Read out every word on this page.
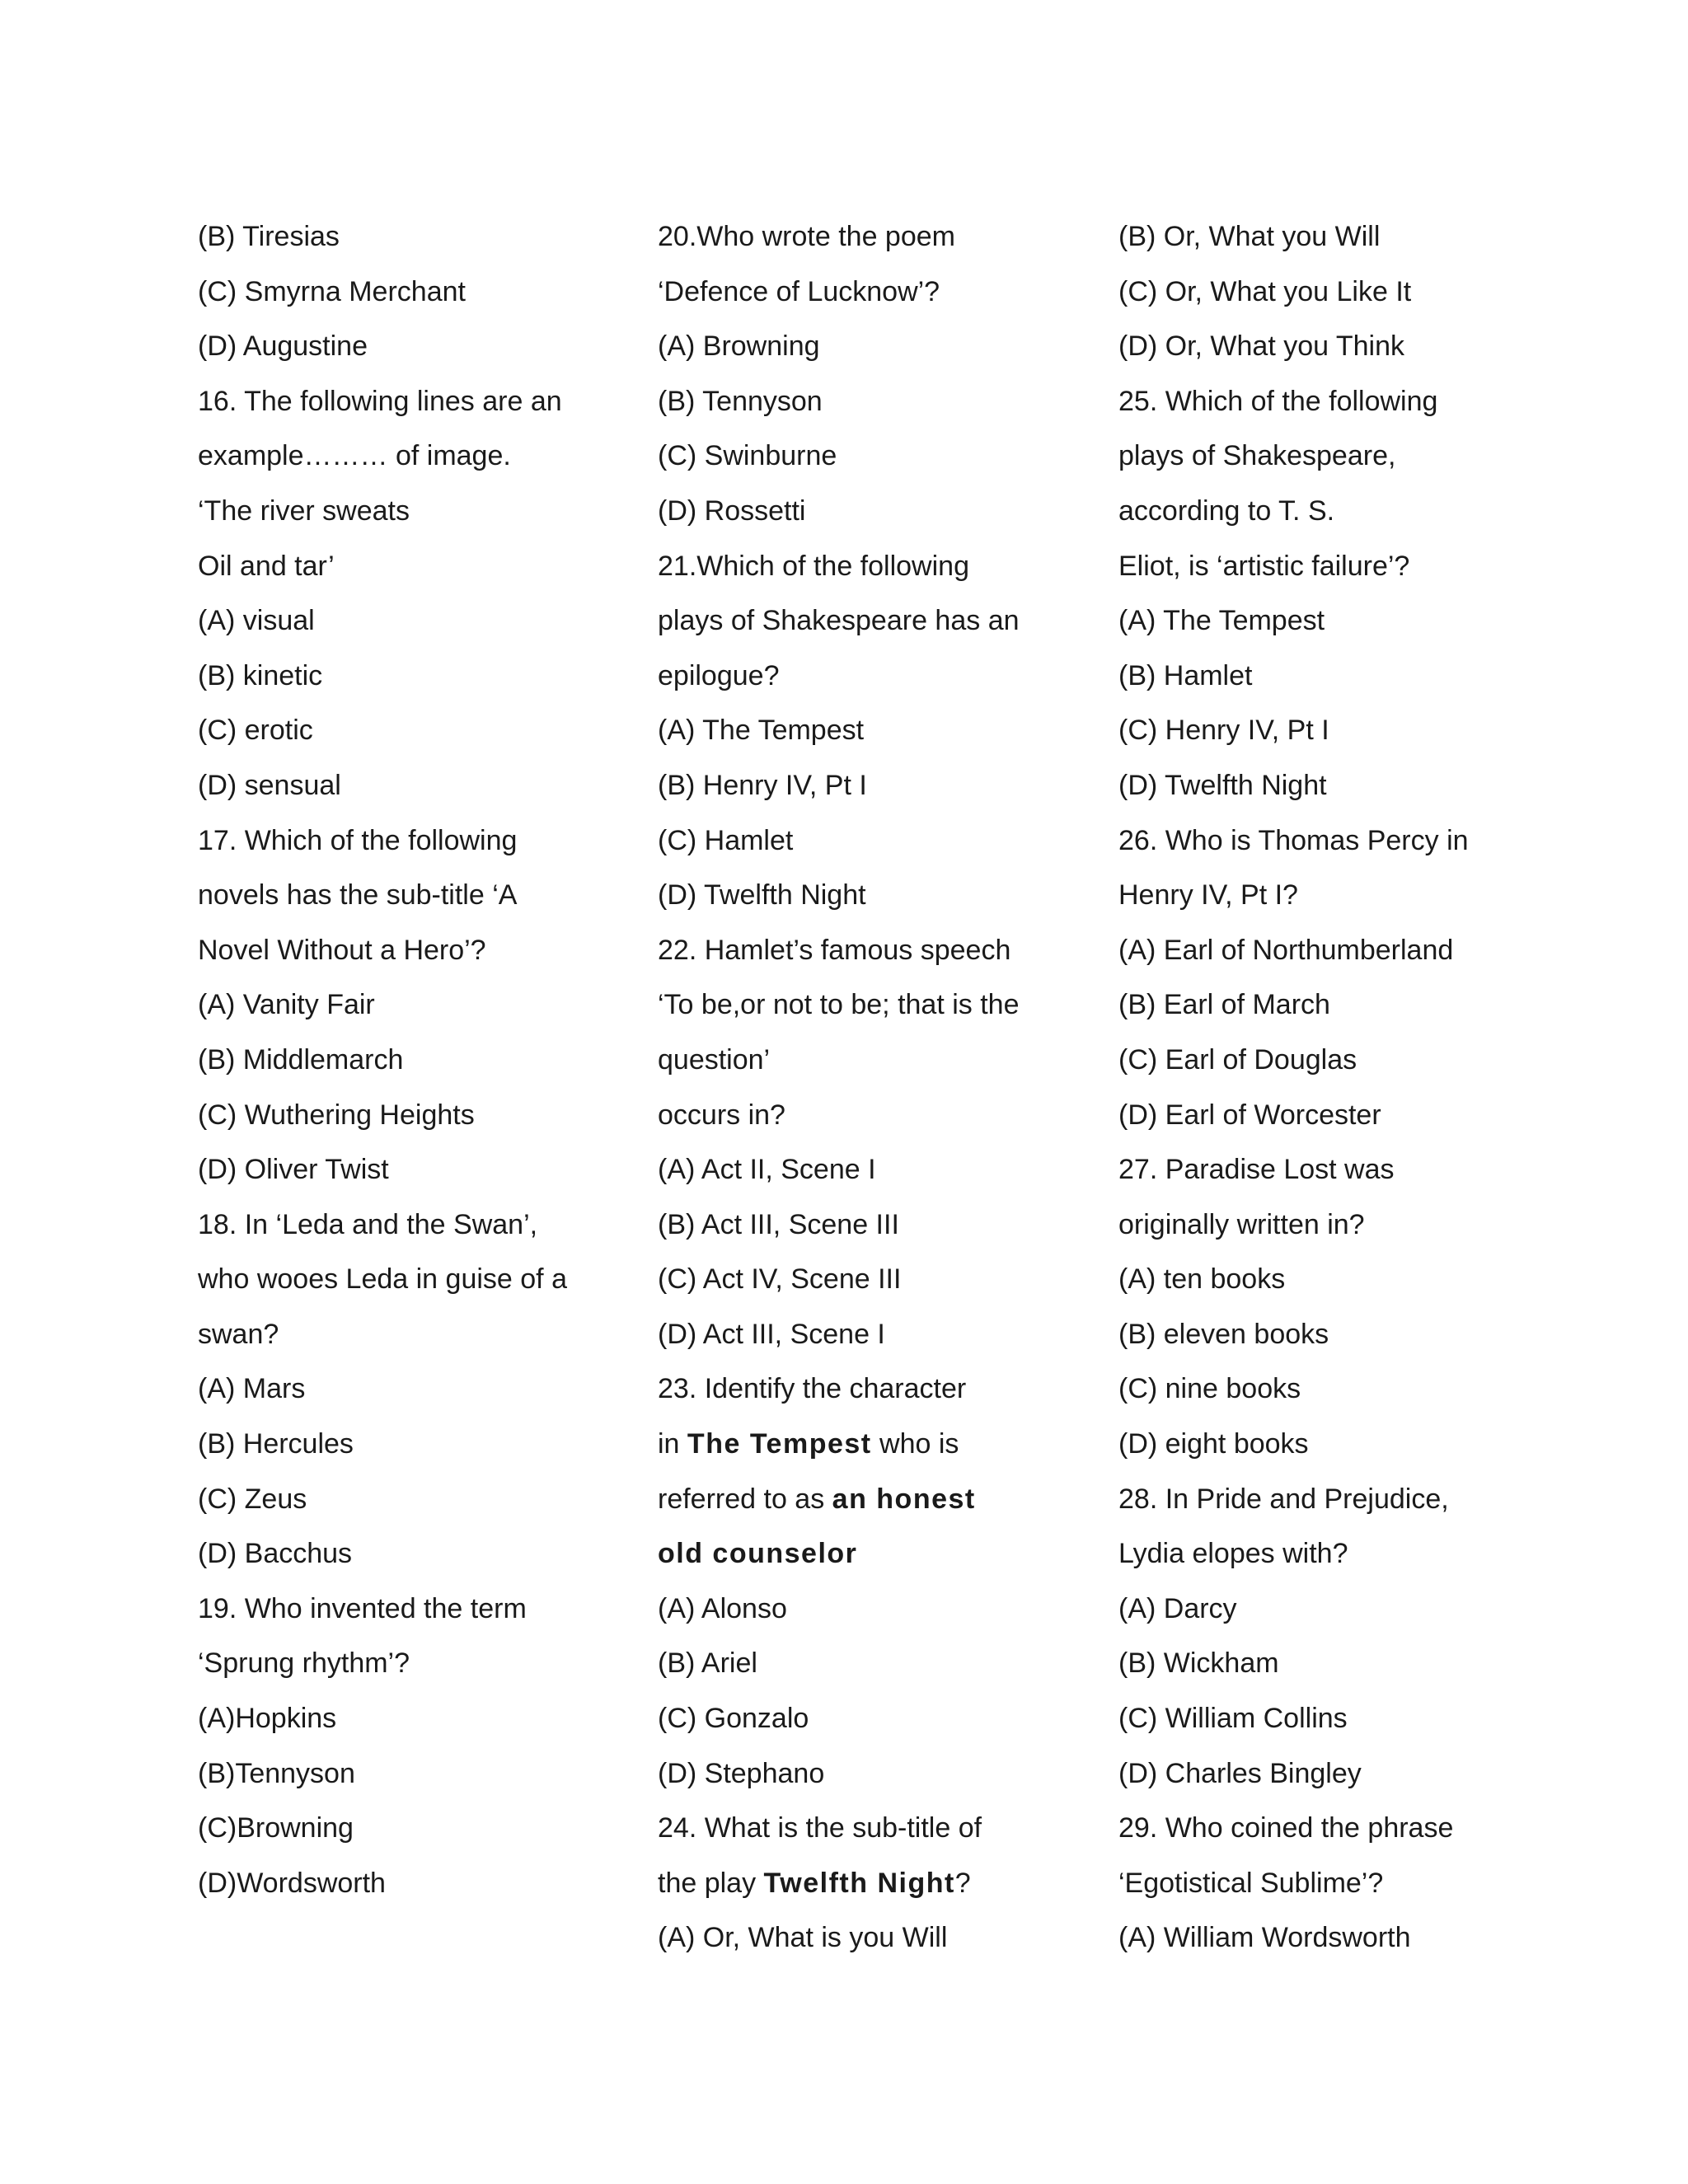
(B) Tiresias
(C) Smyrna Merchant
(D) Augustine
16. The following lines are an
example……… of image.
‘The river sweats
Oil and tar’
(A) visual
(B) kinetic
(C) erotic
(D) sensual
17. Which of the following
novels has the sub-title ‘A
Novel Without a Hero’?
(A) Vanity Fair
(B) Middlemarch
(C) Wuthering Heights
(D) Oliver Twist
18. In ‘Leda and the Swan’,
who wooes Leda in guise of a
swan?
(A) Mars
(B) Hercules
(C) Zeus
(D) Bacchus
19. Who invented the term
‘Sprung rhythm’?
(A)Hopkins
(B)Tennyson
(C)Browning
(D)Wordsworth
20.Who wrote the poem
‘Defence of Lucknow’?
(A) Browning
(B) Tennyson
(C) Swinburne
(D) Rossetti
21.Which of the following
plays of Shakespeare has an
epilogue?
(A) The Tempest
(B) Henry IV, Pt I
(C) Hamlet
(D) Twelfth Night
22. Hamlet’s famous speech
‘To be,or not to be; that is the
question’
occurs in?
(A) Act II, Scene I
(B) Act III, Scene III
(C) Act IV, Scene III
(D) Act III, Scene I
23. Identify the character
in The Tempest who is
referred to as an honest
old counselor
(A) Alonso
(B) Ariel
(C) Gonzalo
(D) Stephano
24. What is the sub-title of
the play Twelfth Night?
(A) Or, What is you Will
(B) Or, What you Will
(C) Or, What you Like It
(D) Or, What you Think
25. Which of the following
plays of Shakespeare,
according to T. S.
Eliot, is ‘artistic failure’?
(A) The Tempest
(B) Hamlet
(C) Henry IV, Pt I
(D) Twelfth Night
26. Who is Thomas Percy in
Henry IV, Pt I?
(A) Earl of Northumberland
(B) Earl of March
(C) Earl of Douglas
(D) Earl of Worcester
27. Paradise Lost was
originally written in?
(A) ten books
(B) eleven books
(C) nine books
(D) eight books
28. In Pride and Prejudice,
Lydia elopes with?
(A) Darcy
(B) Wickham
(C) William Collins
(D) Charles Bingley
29. Who coined the phrase
‘Egotistical Sublime’?
(A) William Wordsworth
